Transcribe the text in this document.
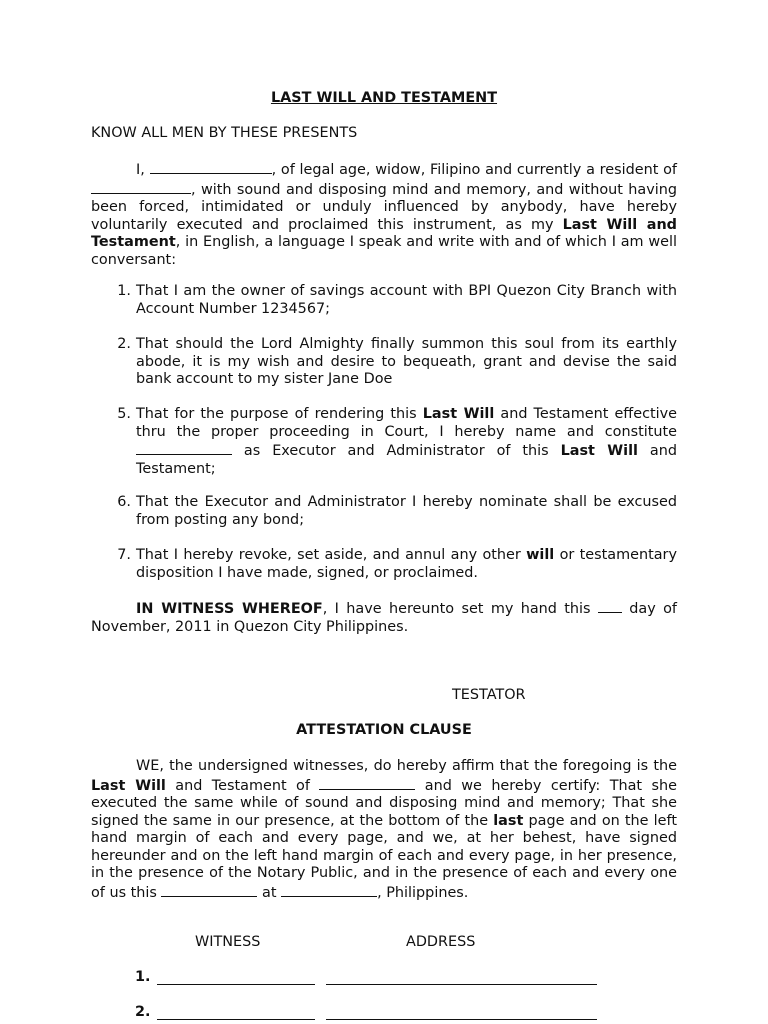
LAST WILL AND TESTAMENT
KNOW ALL MEN BY THESE PRESENTS
I,	, of legal age, widow, Filipino and currently a resident of , with sound and disposing mind and memory, and without having been forced, intimidated or unduly influenced by anybody, have hereby voluntarily executed and proclaimed this instrument, as my Last Will and Testament, in English, a language I speak and write with and of which I am well conversant:
1. That I am the owner of savings account with BPI Quezon City Branch with Account Number 1234567;
2. That should the Lord Almighty finally summon this soul from its earthly abode, it is my wish and desire to bequeath, grant and devise the said bank account to my sister Jane Doe
5. That for the purpose of rendering this Last Will and Testament effective thru the proper proceeding in Court, I hereby name and constitute  as Executor and Administrator of this Last Will and Testament;
6. That the Executor and Administrator I hereby nominate shall be excused from posting any bond;
7. That I hereby revoke, set aside, and annul any other will or testamentary disposition I have made, signed, or proclaimed.
IN WITNESS WHEREOF, I have hereunto set my hand this  day of November, 2011 in Quezon City Philippines.
TESTATOR
ATTESTATION CLAUSE
WE, the undersigned witnesses, do hereby affirm that the foregoing is the Last Will and Testament of	and we hereby certify: That she executed the same while of sound and disposing mind and memory; That she signed the same in our presence, at the bottom of the last page and on the left hand margin of each and every page, and we, at her behest, have signed hereunder and on the left hand margin of each and every page, in her presence, in the presence of the Notary Public, and in the presence of each and every one of us this	at	, Philippines.
WITNESS	ADDRESS
1.
2.
